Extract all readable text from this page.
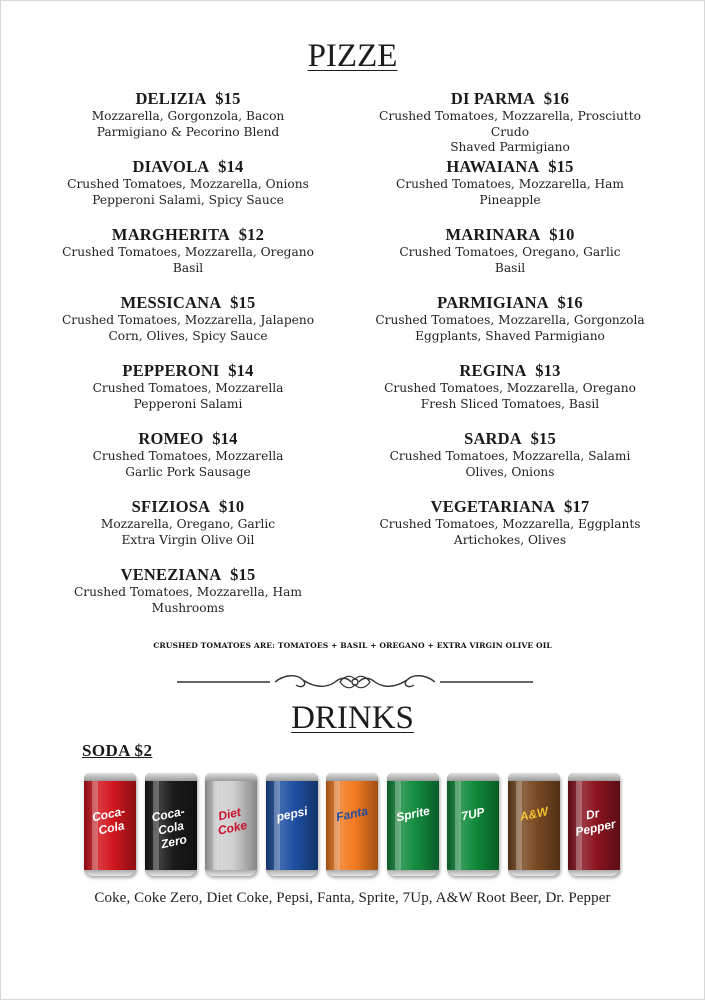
PIZZE
DELIZIA $15
Mozzarella, Gorgonzola, Bacon
Parmigiano & Pecorino Blend
DIAVOLA $14
Crushed Tomatoes, Mozzarella, Onions
Pepperoni Salami, Spicy Sauce
MARGHERITA $12
Crushed Tomatoes, Mozzarella, Oregano
Basil
MESSICANA $15
Crushed Tomatoes, Mozzarella, Jalapeno
Corn, Olives, Spicy Sauce
PEPPERONI $14
Crushed Tomatoes, Mozzarella
Pepperoni Salami
ROMEO $14
Crushed Tomatoes, Mozzarella
Garlic Pork Sausage
SFIZIOSA $10
Mozzarella, Oregano, Garlic
Extra Virgin Olive Oil
VENEZIANA $15
Crushed Tomatoes, Mozzarella, Ham
Mushrooms
DI PARMA $16
Crushed Tomatoes, Mozzarella, Prosciutto Crudo
Shaved Parmigiano
HAWAIANA $15
Crushed Tomatoes, Mozzarella, Ham
Pineapple
MARINARA $10
Crushed Tomatoes, Oregano, Garlic
Basil
PARMIGIANA $16
Crushed Tomatoes, Mozzarella, Gorgonzola
Eggplants, Shaved Parmigiano
REGINA $13
Crushed Tomatoes, Mozzarella, Oregano
Fresh Sliced Tomatoes, Basil
SARDA $15
Crushed Tomatoes, Mozzarella, Salami
Olives, Onions
VEGETARIANA $17
Crushed Tomatoes, Mozzarella, Eggplants
Artichokes, Olives
CRUSHED TOMATOES ARE: TOMATOES + BASIL + OREGANO + EXTRA VIRGIN OLIVE OIL
DRINKS
SODA $2
Coca-Cola
Coca-Cola Zero
Diet Coke
pepsi	Fanta	Sprite	7UP	A&W	Dr Pepper
Coke, Coke Zero, Diet Coke, Pepsi, Fanta, Sprite, 7Up, A&W Root Beer, Dr. Pepper
